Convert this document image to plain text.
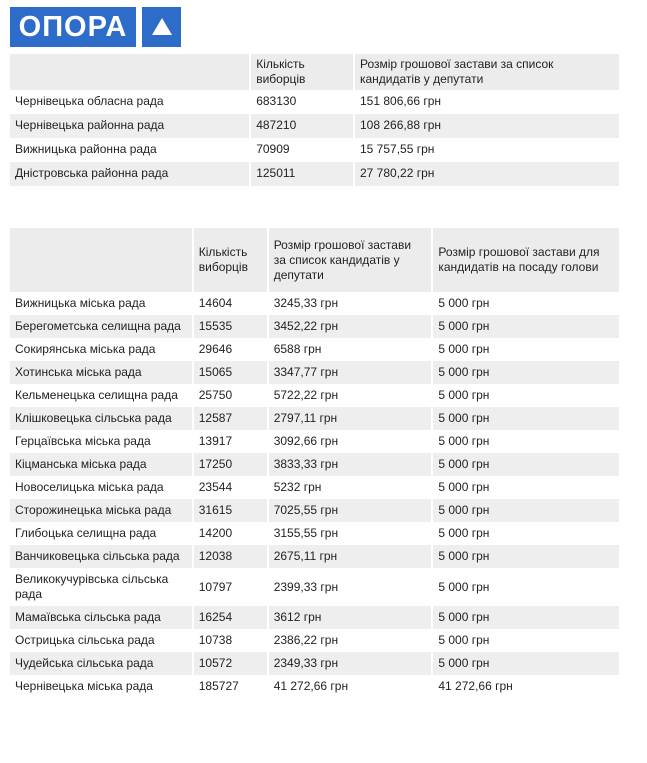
ОПОРА
	Кількість виборців	Розмір грошової застави за список кандидатів у депутати
Чернівецька обласна рада	683130	151 806,66 грн
Чернівецька районна рада	487210	108 266,88 грн
Вижницька районна рада	70909	15 757,55 грн
Дністровська районна рада	125011	27 780,22 грн
	Кількість виборців	Розмір грошової застави за список кандидатів у депутати	Розмір грошової застави для кандидатів на посаду голови
Вижницька міська рада	14604	3245,33 грн	5 000 грн
Берегометська селищна рада	15535	3452,22 грн	5 000 грн
Сокирянська міська рада	29646	6588 грн	5 000 грн
Хотинська міська рада	15065	3347,77 грн	5 000 грн
Кельменецька селищна рада	25750	5722,22 грн	5 000 грн
Клішковецька сільська рада	12587	2797,11 грн	5 000 грн
Герцаївська міська рада	13917	3092,66 грн	5 000 грн
Кіцманська міська рада	17250	3833,33 грн	5 000 грн
Новоселицька міська рада	23544	5232 грн	5 000 грн
Сторожинецька міська рада	31615	7025,55 грн	5 000 грн
Глибоцька селищна рада	14200	3155,55 грн	5 000 грн
Ванчиковецька сільська рада	12038	2675,11 грн	5 000 грн
Великокучурівська сільська рада	10797	2399,33 грн	5 000 грн
Мамаївська сільська рада	16254	3612 грн	5 000 грн
Острицька сільська рада	10738	2386,22 грн	5 000 грн
Чудейська сільська рада	10572	2349,33 грн	5 000 грн
Чернівецька міська рада	185727	41 272,66 грн	41 272,66 грн
